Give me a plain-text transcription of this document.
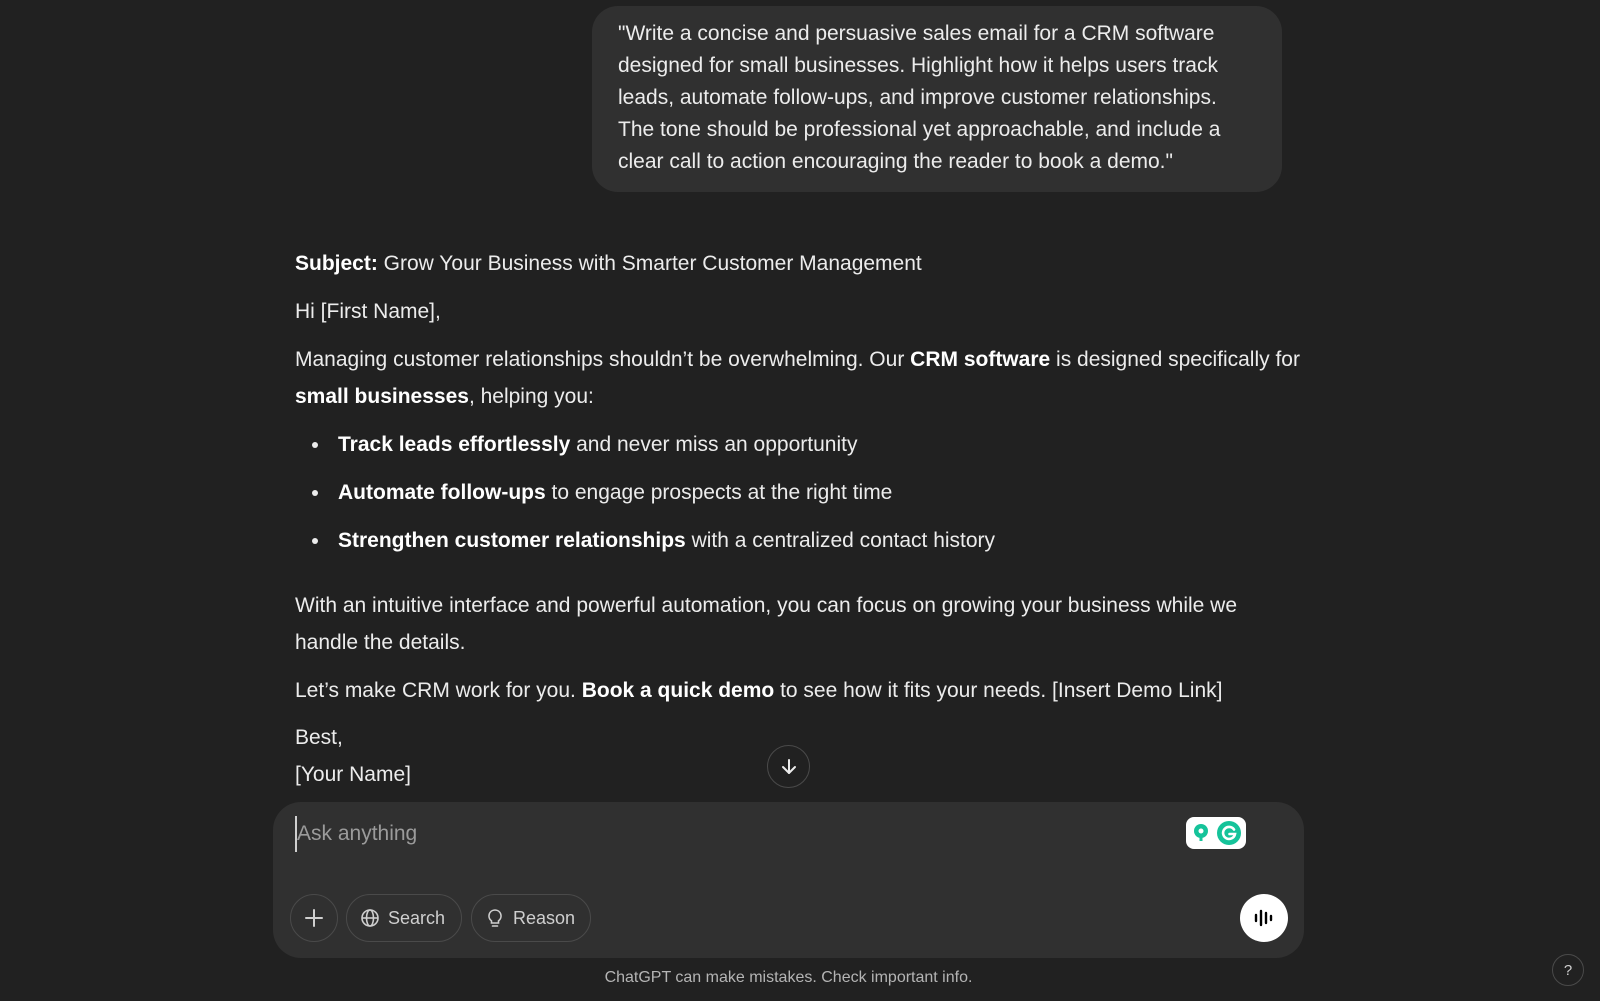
"Write a concise and persuasive sales email for a CRM software designed for small businesses. Highlight how it helps users track leads, automate follow-ups, and improve customer relationships. The tone should be professional yet approachable, and include a clear call to action encouraging the reader to book a demo."

Subject: Grow Your Business with Smarter Customer Management

Hi [First Name],

Managing customer relationships shouldn’t be overwhelming. Our CRM software is designed specifically for small businesses, helping you:

Track leads effortlessly and never miss an opportunity
Automate follow-ups to engage prospects at the right time
Strengthen customer relationships with a centralized contact history

With an intuitive interface and powerful automation, you can focus on growing your business while we handle the details.

Let’s make CRM work for you. Book a quick demo to see how it fits your needs. [Insert Demo Link]

Best,

[Your Name]

Ask anything
Search	Reason
ChatGPT can make mistakes. Check important info.	?
